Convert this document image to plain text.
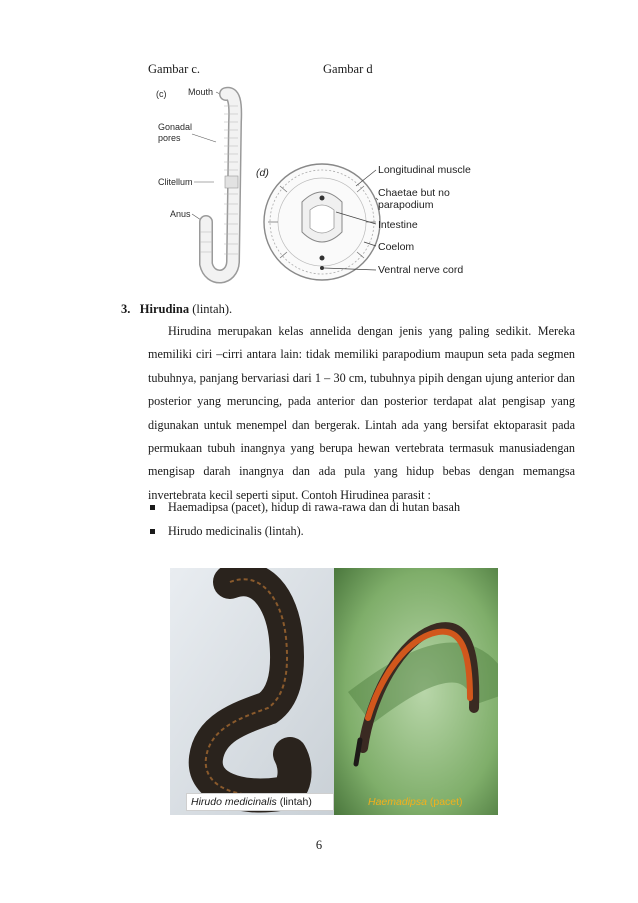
Gambar c.	Gambar d
(c) Mouth
Gonadal
pores
Clitellum
Anus
(d)	Longitudinal muscle
Chaetae but no
parapodium
Intestine
Coelom
Ventral nerve cord
3. Hirudina (lintah).

Hirudina merupakan kelas annelida dengan jenis yang paling sedikit. Mereka memiliki ciri –cirri antara lain: tidak memiliki parapodium maupun seta pada segmen tubuhnya, panjang bervariasi dari 1 – 30 cm, tubuhnya pipih dengan ujung anterior dan posterior yang meruncing, pada anterior dan posterior terdapat alat pengisap yang digunakan untuk menempel dan bergerak. Lintah ada yang bersifat ektoparasit pada permukaan tubuh inangnya yang berupa hewan vertebrata termasuk manusiadengan mengisap darah inangnya dan ada pula yang hidup bebas dengan memangsa invertebrata kecil seperti siput. Contoh Hirudinea parasit :

Haemadipsa (pacet), hidup di rawa-rawa dan di hutan basah
Hirudo medicinalis (lintah).
Hirudo medicinalis (lintah)	Haemadipsa (pacet)
6
